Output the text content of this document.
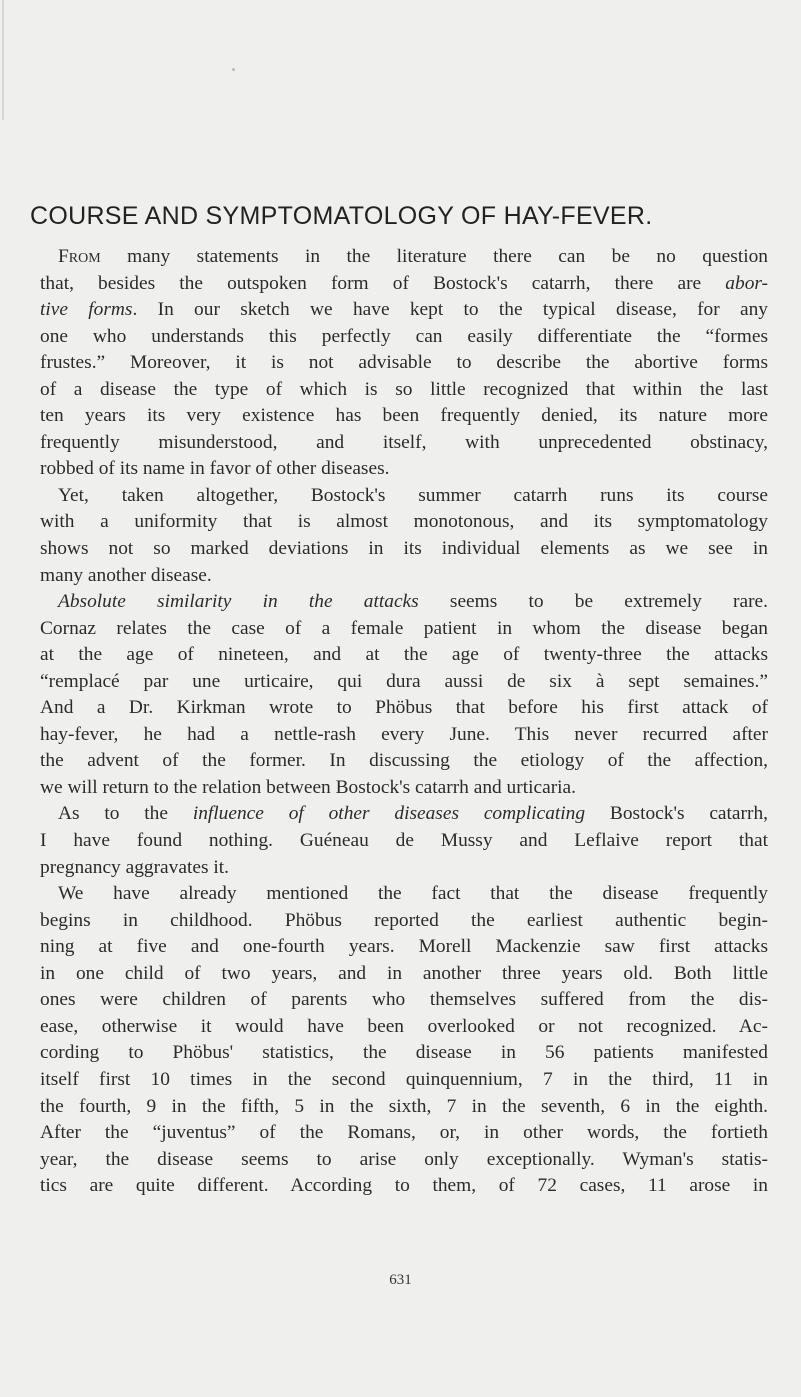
COURSE AND SYMPTOMATOLOGY OF HAY-FEVER.

From many statements in the literature there can be no question
that, besides the outspoken form of Bostock's catarrh, there are abor-
tive forms. In our sketch we have kept to the typical disease, for any
one who understands this perfectly can easily differentiate the “formes
frustes.” Moreover, it is not advisable to describe the abortive forms
of a disease the type of which is so little recognized that within the last
ten years its very existence has been frequently denied, its nature more
frequently misunderstood, and itself, with unprecedented obstinacy,
robbed of its name in favor of other diseases.

Yet, taken altogether, Bostock's summer catarrh runs its course
with a uniformity that is almost monotonous, and its symptomatology
shows not so marked deviations in its individual elements as we see in
many another disease.

Absolute similarity in the attacks seems to be extremely rare.
Cornaz relates the case of a female patient in whom the disease began
at the age of nineteen, and at the age of twenty-three the attacks
“remplacé par une urticaire, qui dura aussi de six à sept semaines.”
And a Dr. Kirkman wrote to Phöbus that before his first attack of
hay-fever, he had a nettle-rash every June. This never recurred after
the advent of the former. In discussing the etiology of the affection,
we will return to the relation between Bostock's catarrh and urticaria.

As to the influence of other diseases complicating Bostock's catarrh,
I have found nothing. Guéneau de Mussy and Leflaive report that
pregnancy aggravates it.

We have already mentioned the fact that the disease frequently
begins in childhood. Phöbus reported the earliest authentic begin-
ning at five and one-fourth years. Morell Mackenzie saw first attacks
in one child of two years, and in another three years old. Both little
ones were children of parents who themselves suffered from the dis-
ease, otherwise it would have been overlooked or not recognized. Ac-
cording to Phöbus' statistics, the disease in 56 patients manifested
itself first 10 times in the second quinquennium, 7 in the third, 11 in
the fourth, 9 in the fifth, 5 in the sixth, 7 in the seventh, 6 in the eighth.
After the “juventus” of the Romans, or, in other words, the fortieth
year, the disease seems to arise only exceptionally. Wyman's statis-
tics are quite different. According to them, of 72 cases, 11 arose in

631
